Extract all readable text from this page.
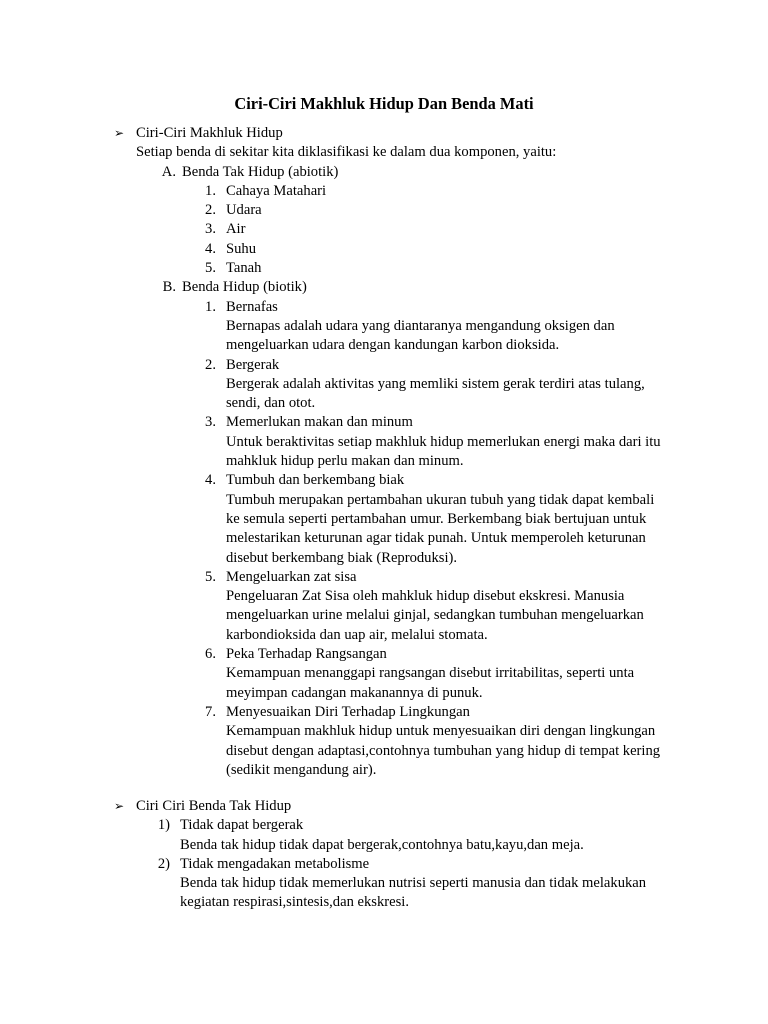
Ciri-Ciri Makhluk Hidup Dan Benda Mati
➢ Ciri-Ciri Makhluk Hidup
Setiap benda di sekitar kita diklasifikasi ke dalam dua komponen, yaitu:
A. Benda Tak Hidup (abiotik)
1. Cahaya Matahari
2. Udara
3. Air
4. Suhu
5. Tanah
B. Benda Hidup (biotik)
1. Bernafas
Bernapas adalah udara yang diantaranya mengandung oksigen dan
mengeluarkan udara dengan kandungan karbon dioksida.
2. Bergerak
Bergerak adalah aktivitas yang memliki sistem gerak terdiri atas tulang,
sendi, dan otot.
3. Memerlukan makan dan minum
Untuk beraktivitas setiap makhluk hidup memerlukan energi maka dari itu
mahkluk hidup perlu makan dan minum.
4. Tumbuh dan berkembang biak
Tumbuh merupakan pertambahan ukuran tubuh yang tidak dapat kembali
ke semula seperti pertambahan umur. Berkembang biak bertujuan untuk
melestarikan keturunan agar tidak punah. Untuk memperoleh keturunan
disebut berkembang biak (Reproduksi).
5. Mengeluarkan zat sisa
Pengeluaran Zat Sisa oleh mahkluk hidup disebut ekskresi. Manusia
mengeluarkan urine melalui ginjal, sedangkan tumbuhan mengeluarkan
karbondioksida dan uap air, melalui stomata.
6. Peka Terhadap Rangsangan
Kemampuan menanggapi rangsangan disebut irritabilitas, seperti unta
meyimpan cadangan makanannya di punuk.
7. Menyesuaikan Diri Terhadap Lingkungan
Kemampuan makhluk hidup untuk menyesuaikan diri dengan lingkungan
disebut dengan adaptasi,contohnya tumbuhan yang hidup di tempat kering
(sedikit mengandung air).
➢ Ciri Ciri Benda Tak Hidup
1) Tidak dapat bergerak
Benda tak hidup tidak dapat bergerak,contohnya batu,kayu,dan meja.
2) Tidak mengadakan metabolisme
Benda tak hidup tidak memerlukan nutrisi seperti manusia dan tidak melakukan
kegiatan respirasi,sintesis,dan ekskresi.
